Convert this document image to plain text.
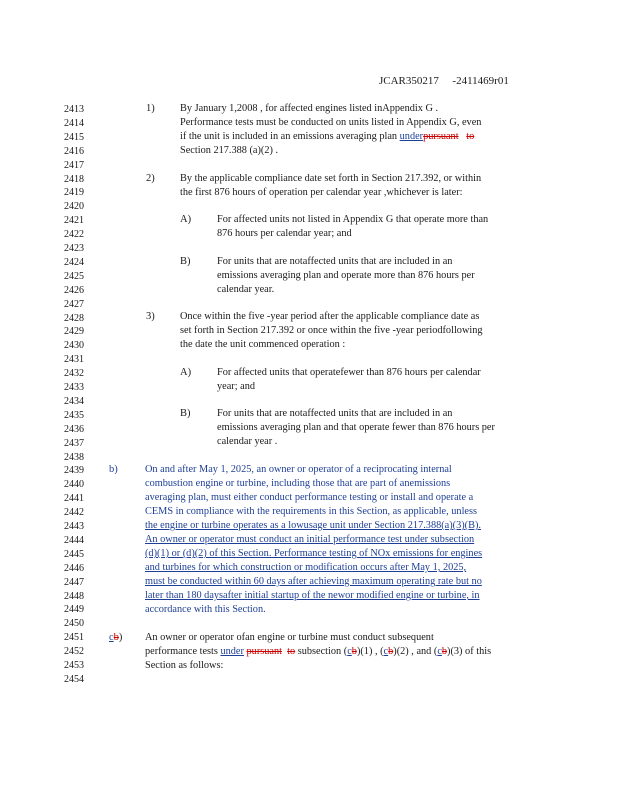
JCAR350217 -2411469r01
2413
2414
2415
2416
2417
2418
2419
2420
2421
2422
2423
2424
2425
2426
2427
2428
2429
2430
2431
2432
2433
2434
2435
2436
2437
2438
2439
2440
2441
2442
2443
2444
2445
2446
2447
2448
2449
2450
2451
2452
2453
2454
1) By January 1,2008 , for affected engines listed inAppendix G .
Performance tests must be conducted on units listed in Appendix G, even
if the unit is included in an emissions averaging plan underpursuant to
Section 217.388 (a)(2) .
2) By the applicable compliance date set forth in Section 217.392, or within
the first 876 hours of operation per calendar year ,whichever is later:
A)	For affected units not listed in Appendix G that operate more than
876 hours per calendar year; and
B)	For units that are notaffected units that are included in an
emissions averaging plan and operate more than 876 hours per
calendar year.
3) Once within the five -year period after the applicable compliance date as
set forth in Section 217.392 or once within the five -year periodfollowing
the date the unit commenced operation :
A)	For affected units that operatefewer than 876 hours per calendar
year; and
B)	For units that are notaffected units that are included in an
emissions averaging plan and that operate fewer than 876 hours per
calendar year .
b)	On and after May 1, 2025, an owner or operator of a reciprocating internal
combustion engine or turbine, including those that are part of anemissions
averaging plan, must either conduct performance testing or install and operate a
CEMS in compliance with the requirements in this Section, as applicable, unless
the engine or turbine operates as a lowusage unit under Section 217.388(a)(3)(B).
An owner or operator must conduct an initial performance test under subsection
(d)(1) or (d)(2) of this Section. Performance testing of NOx emissions for engines
and turbines for which construction or modification occurs after May 1, 2025,
must be conducted within 60 days after achieving maximum operating rate but no
later than 180 daysafter initial startup of the newor modified engine or turbine, in
accordance with this Section.
cb) An owner or operator ofan engine or turbine must conduct subsequent
performance tests under pursuant to subsection (cb)(1) , (cb)(2) , and (cb)(3) of this
Section as follows:
